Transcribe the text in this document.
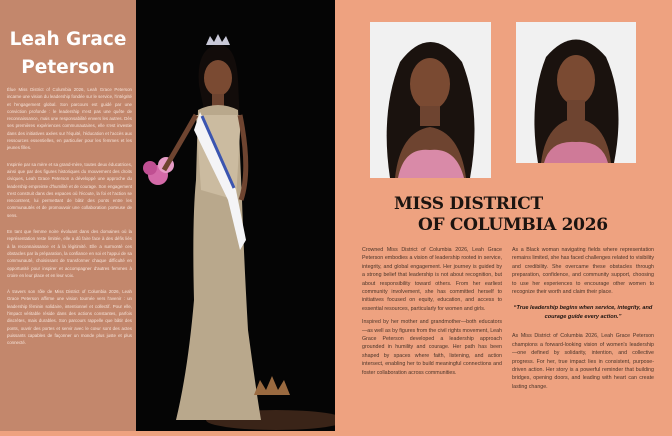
Leah Grace Peterson

Élue Miss District of Columbia 2026, Leah Grace Peterson incarne une vision du leadership fondée sur le service, l'intégrité et l'engagement global. Son parcours est guidé par une conviction profonde : le leadership n'est pas une quête de reconnaissance, mais une responsabilité envers les autres. Dès ses premières expériences communautaires, elle s'est investie dans des initiatives axées sur l'équité, l'éducation et l'accès aux ressources essentielles, en particulier pour les femmes et les jeunes filles.

Inspirée par sa mère et sa grand-mère, toutes deux éducatrices, ainsi que par des figures historiques du mouvement des droits civiques, Leah Grace Peterson a développé une approche du leadership empreinte d'humilité et de courage. Son engagement s'est construit dans des espaces où l'écoute, la foi et l'action se rencontrent, lui permettant de bâtir des ponts entre les communautés et de promouvoir une collaboration porteuse de sens.

En tant que femme noire évoluant dans des domaines où la représentation reste limitée, elle a dû faire face à des défis liés à la reconnaissance et à la légitimité. Elle a surmonté ces obstacles par la préparation, la confiance en soi et l'appui de sa communauté, choisissant de transformer chaque difficulté en opportunité pour inspirer et accompagner d'autres femmes à croire en leur place et en leur voix.

À travers son rôle de Miss District of Columbia 2026, Leah Grace Peterson affirme une vision tournée vers l'avenir : un leadership féminin solidaire, intentionnel et collectif. Pour elle, l'impact véritable réside dans des actions constantes, parfois discrètes, mais durables. Son parcours rappelle que bâtir des ponts, ouvrir des portes et servir avec le cœur sont des actes puissants capables de façonner un monde plus juste et plus connecté.

MISS DISTRICT
OF COLUMBIA 2026

Crowned Miss District of Columbia 2026, Leah Grace Peterson embodies a vision of leadership rooted in service, integrity, and global engagement. Her journey is guided by a strong belief that leadership is not about recognition, but about responsibility toward others. From her earliest community involvement, she has committed herself to initiatives focused on equity, education, and access to essential resources, particularly for women and girls.

Inspired by her mother and grandmother—both educators—as well as by figures from the civil rights movement, Leah Grace Peterson developed a leadership approach grounded in humility and courage. Her path has been shaped by spaces where faith, listening, and action intersect, enabling her to build meaningful connections and foster collaboration across communities.

As a Black woman navigating fields where representation remains limited, she has faced challenges related to visibility and credibility. She overcame these obstacles through preparation, confidence, and community support, choosing to use her experiences to encourage other women to recognize their worth and claim their place.

“True leadership begins when service, integrity, and courage guide every action.”

As Miss District of Columbia 2026, Leah Grace Peterson champions a forward-looking vision of women's leadership—one defined by solidarity, intention, and collective progress. For her, true impact lies in consistent, purpose-driven action. Her story is a powerful reminder that building bridges, opening doors, and leading with heart can create lasting change.
